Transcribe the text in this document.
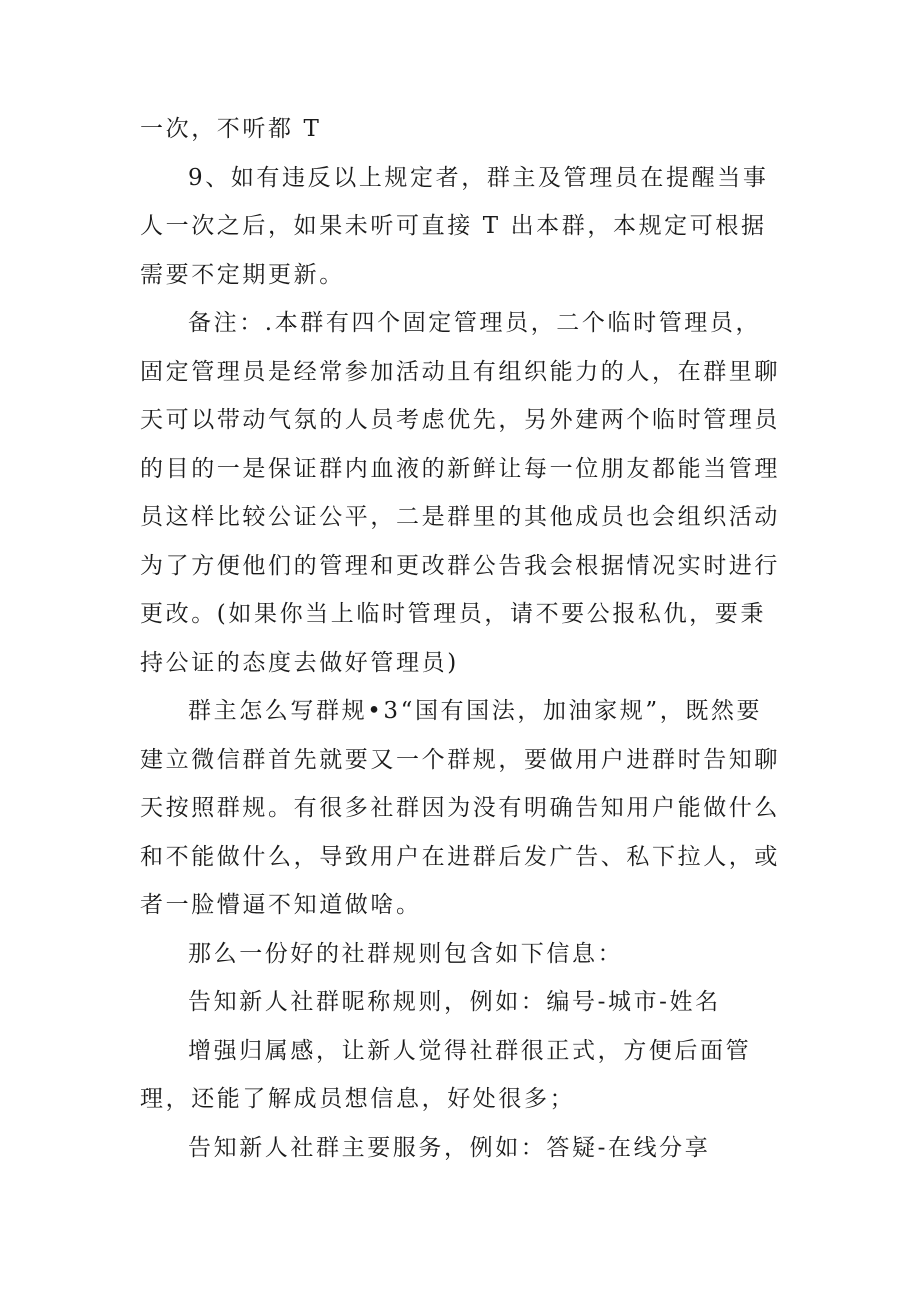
一次，不听都 T

9、如有违反以上规定者，群主及管理员在提醒当事人一次之后，如果未听可直接 T 出本群，本规定可根据需要不定期更新。

备注：.本群有四个固定管理员，二个临时管理员，固定管理员是经常参加活动且有组织能力的人，在群里聊天可以带动气氛的人员考虑优先，另外建两个临时管理员的目的一是保证群内血液的新鲜让每一位朋友都能当管理员这样比较公证公平，二是群里的其他成员也会组织活动为了方便他们的管理和更改群公告我会根据情况实时进行更改。(如果你当上临时管理员，请不要公报私仇，要秉持公证的态度去做好管理员)

群主怎么写群规•3“国有国法，加油家规”，既然要建立微信群首先就要又一个群规，要做用户进群时告知聊天按照群规。有很多社群因为没有明确告知用户能做什么和不能做什么，导致用户在进群后发广告、私下拉人，或者一脸懵逼不知道做啥。

那么一份好的社群规则包含如下信息：

告知新人社群昵称规则，例如：编号-城市-姓名

增强归属感，让新人觉得社群很正式，方便后面管理，还能了解成员想信息，好处很多；

告知新人社群主要服务，例如：答疑-在线分享
